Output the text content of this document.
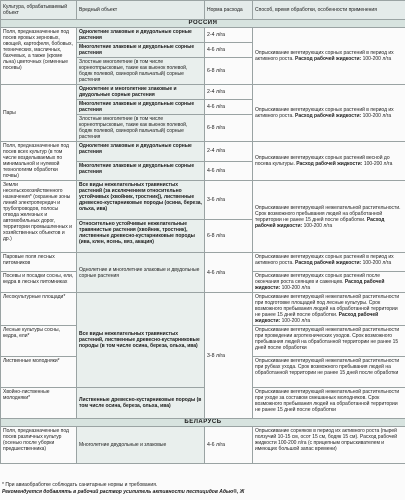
Культура, обрабатываемый объект	Вредный объект	Норма расхода	Способ, время обработки, особенности применения
РОССИЯ			
Поля, предназначенные под посев яровых зерновых, овощей, картофеля, бобовых, технических, масличных, бахчевых, а также (кроме льна) цветочных (семенные посевы)	Однолетние злаковые и двудольные сорные растения	2-4 л/га	Опрыскивание вегетирующих сорных растений в период их активного роста. Расход рабочей жидкости: 100-200 л/га
	Многолетние злаковые и двудольные сорные растения	4-6 л/га	
	Злостные многолетние (в том числе корнеотпрысковые, такие как вьюнок полевой, бодяк полевой, свинорой пальчатый) сорные растения	6-8 л/га	
Пары	Однолетние и многолетние злаковые и двудольные сорные растения	2-4 л/га	Опрыскивание вегетирующих сорных растений в период их активного роста. Расход рабочей жидкости: 100-200 л/га
	Многолетние злаковые и двудольные сорные растения	4-6 л/га	
	Злостные многолетние (в том числе корнеотпрысковые, такие как вьюнок полевой, бодяк полевой, свинорой пальчатый) сорные растения	6-8 л/га	
Поля, предназначенные под посев всех культур (в том числе возделываемых по минимальной и нулевой технологиям обработки почвы)	Однолетние злаковые и двудольные сорные растения	2-4 л/га	Опрыскивание вегетирующих сорных растений весной до посева культуры. Расход рабочей жидкости: 100-200 л/га
	Многолетние злаковые и двудольные сорные растения	4-6 л/га	
Земли несельскохозяйственного назначения* (охранные зоны линий электропередач и трубопроводов, полосы отвода железных и автомобильных дорог, территории промышленных и хозяйственных объектов и др.)	Все виды нежелательных травянистых растений (за исключением относительно устойчивых (хвойник, тростник)), лиственные древесно-кустарниковые породы (осина, береза, ольха, ива)	3-6 л/га	Опрыскивание вегетирующей нежелательной растительности. Срок возможного пребывания людей на обработанной территории не ранее 15 дней после обработки. Расход рабочей жидкости: 100-200 л/га
	Относительно устойчивые нежелательные травянистые растения (хвойник, тростник), лиственные древесно-кустарниковые породы (ива, клен, ясень, вяз, акация)	6-8 л/га	
Паровые поля лесных питомников	Однолетние и многолетние злаковые и двудольные сорные растения	4-6 л/га	Опрыскивание вегетирующих сорных растений в период их активного роста. Расход рабочей жидкости: 100-200 л/га
Посевы и посадки сосны, ели, кедра в лесных питомниках			Опрыскивание вегетирующих сорных растений после окончания роста сеянцев и саженцев. Расход рабочей жидкости: 100-200 л/га
Лесокультурные площади*	Все виды нежелательных травянистых растений, лиственные древесно-кустарниковые породы (в том числе осина, береза, ольха, ива)	3-8 л/га	Опрыскивание вегетирующей нежелательной растительности при подготовке площадей под лесные культуры. Срок возможного пребывания людей на обработанной территории не ранее 15 дней после обработки. Расход рабочей жидкости: 100-200 л/га
Лесные культуры сосны, кедра, ели*			Опрыскивание вегетирующей нежелательной растительности при проведении агротехнических уходов. Срок возможного пребывания людей на обработанной территории не ранее 15 дней после обработки
Лиственные молодняки*			Опрыскивание вегетирующей нежелательной растительности при рубках ухода. Срок возможного пребывания людей на обработанной территории не ранее 15 дней после обработки
Хвойно-лиственные молодняки*	Лиственные древесно-кустарниковые породы (в том числе осина, береза, ольха, ива)		Опрыскивание вегетирующей нежелательной растительности при уходе за составом смешанных молодняков. Срок возможного пребывания людей на обработанной территории не ранее 15 дней после обработки
БЕЛАРУСЬ			
Поля, предназначенные под посев различных культур (осенью после уборки предшественника)	Многолетние двудольные и злаковые	4-6 л/га	Опрыскивание сорняков в период их активного роста (пырей ползучий 10-15 см, осот 15 см, бодяк 15 см). Расход рабочей жидкости 100-200 л/га (с прицепным опрыскивателем и имеющих большой запас времени)
* При авиаобработке соблюдать санитарные нормы и требования.
Рекомендуется добавлять в рабочий раствор усилитель активности пестицидов Адью®, Ж
